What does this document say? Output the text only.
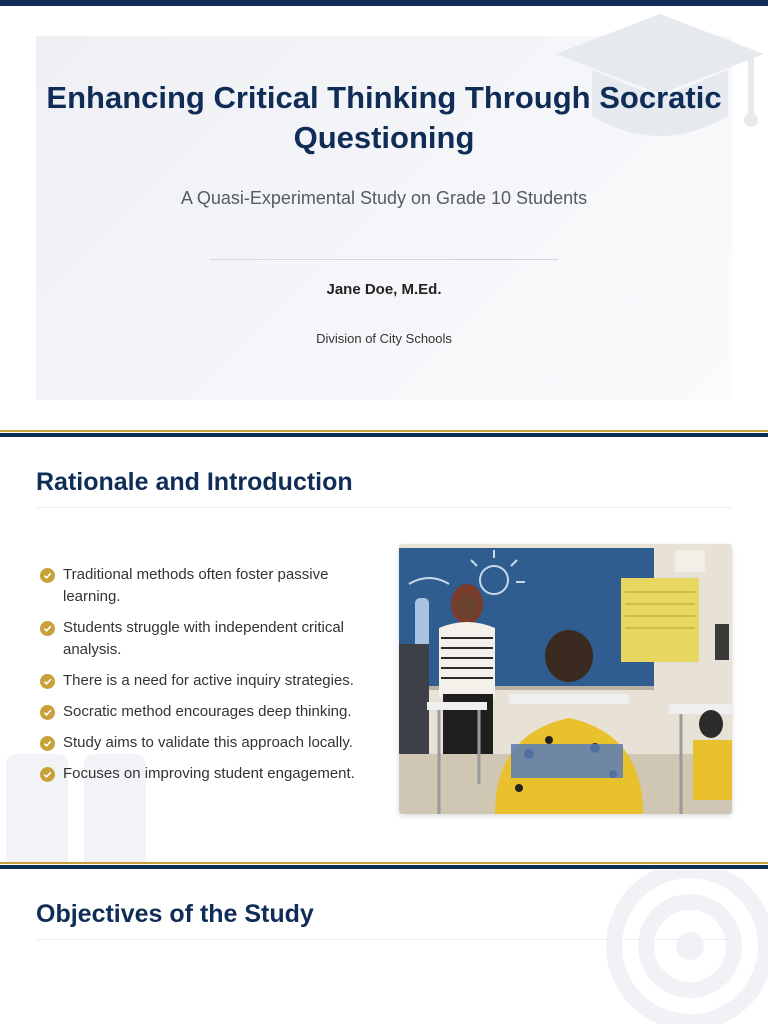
Enhancing Critical Thinking Through Socratic Questioning

A Quasi-Experimental Study on Grade 10 Students

Jane Doe, M.Ed.

Division of City Schools

Rationale and Introduction
Traditional methods often foster passive learning.
Students struggle with independent critical analysis.
There is a need for active inquiry strategies.
Socratic method encourages deep thinking.
Study aims to validate this approach locally.
Focuses on improving student engagement.
Objectives of the Study
